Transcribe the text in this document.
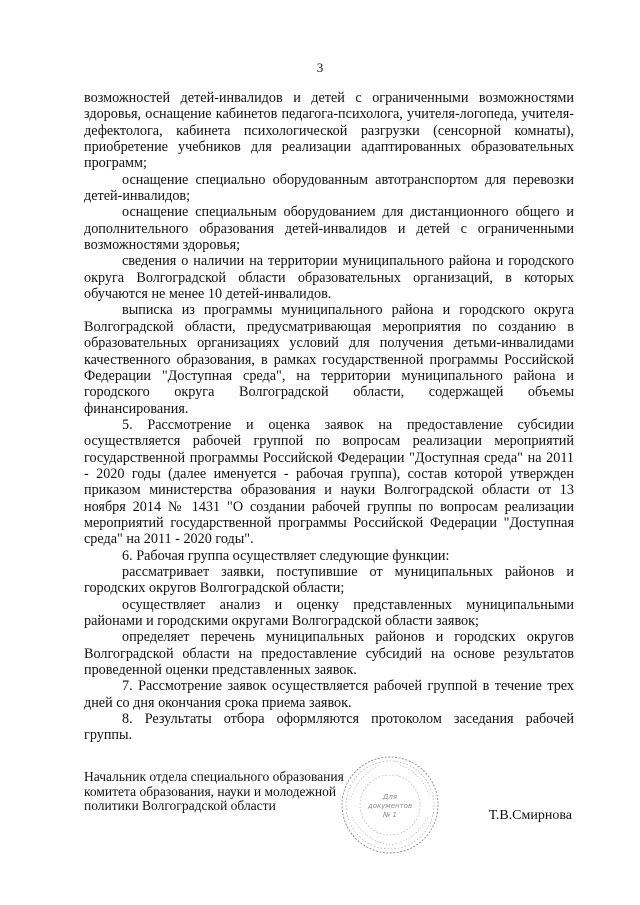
3

возможностей детей-инвалидов и детей с ограниченными возможностями здоровья, оснащение кабинетов педагога-психолога, учителя-логопеда, учителя-дефектолога, кабинета психологической разгрузки (сенсорной комнаты), приобретение учебников для реализации адаптированных образовательных программ;

оснащение специально оборудованным автотранспортом для перевозки детей-инвалидов;

оснащение специальным оборудованием для дистанционного общего и дополнительного образования детей-инвалидов и детей с ограниченными возможностями здоровья;

сведения о наличии на территории муниципального района и городского округа Волгоградской области образовательных организаций, в которых обучаются не менее 10 детей-инвалидов.

выписка из программы муниципального района и городского округа Волгоградской области, предусматривающая мероприятия по созданию в образовательных организациях условий для получения детьми-инвалидами качественного образования, в рамках государственной программы Российской Федерации "Доступная среда", на территории муниципального района и городского округа Волгоградской области, содержащей объемы финансирования.

5. Рассмотрение и оценка заявок на предоставление субсидии осуществляется рабочей группой по вопросам реализации мероприятий государственной программы Российской Федерации "Доступная среда" на 2011 - 2020 годы (далее именуется - рабочая группа), состав которой утвержден приказом министерства образования и науки Волгоградской области от 13 ноября 2014 № 1431 "О создании рабочей группы по вопросам реализации мероприятий государственной программы Российской Федерации "Доступная среда" на 2011 - 2020 годы".

6. Рабочая группа осуществляет следующие функции:

рассматривает заявки, поступившие от муниципальных районов и городских округов Волгоградской области;

осуществляет анализ и оценку представленных муниципальными районами и городскими округами Волгоградской области заявок;

определяет перечень муниципальных районов и городских округов Волгоградской области на предоставление субсидий на основе результатов проведенной оценки представленных заявок.

7. Рассмотрение заявок осуществляется рабочей группой в течение трех дней со дня окончания срока приема заявок.

8. Результаты отбора оформляются протоколом заседания рабочей группы.

Начальник отдела специального образования комитета образования, науки и молодежной политики Волгоградской области

Т.В.Смирнова
Для
документов
№ 1
